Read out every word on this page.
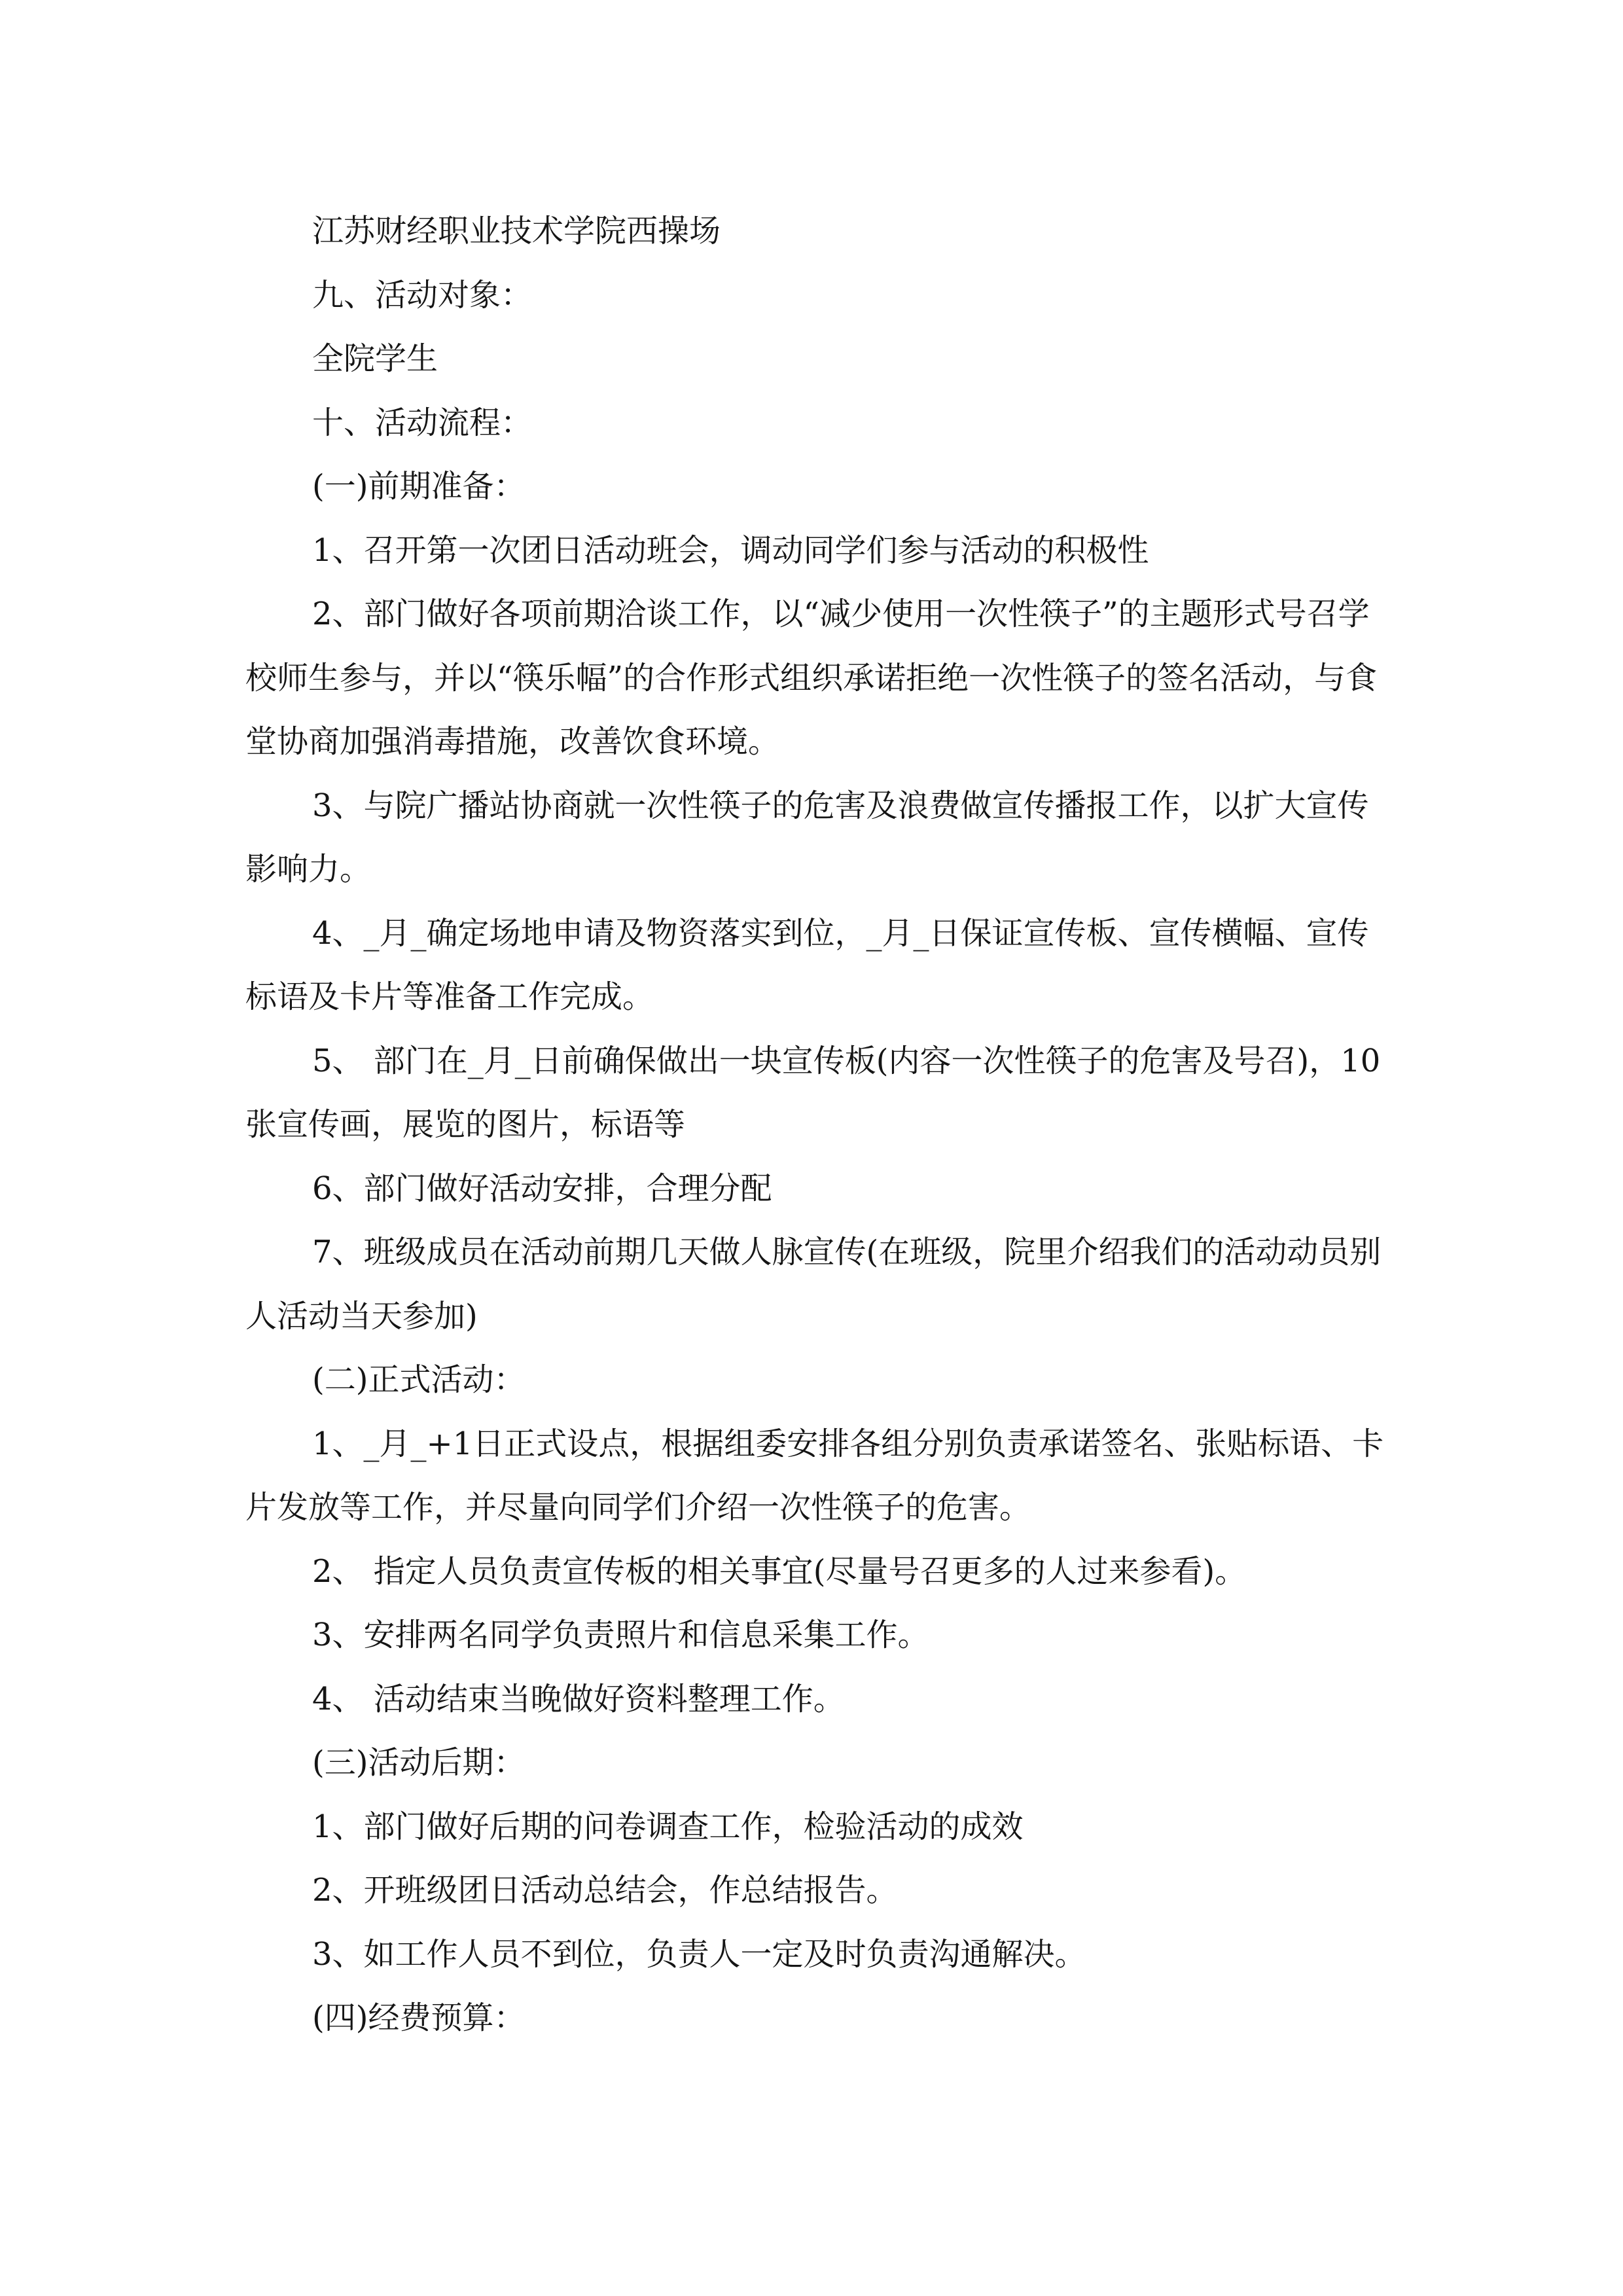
江苏财经职业技术学院西操场

九、活动对象：

全院学生

十、活动流程：

(一)前期准备：

1、召开第一次团日活动班会，调动同学们参与活动的积极性

2、部门做好各项前期洽谈工作，以“减少使用一次性筷子”的主题形式号召学校师生参与，并以“筷乐幅”的合作形式组织承诺拒绝一次性筷子的签名活动，与食堂协商加强消毒措施，改善饮食环境。

3、与院广播站协商就一次性筷子的危害及浪费做宣传播报工作，以扩大宣传影响力。

4、_月_确定场地申请及物资落实到位，_月_日保证宣传板、宣传横幅、宣传标语及卡片等准备工作完成。

5、 部门在_月_日前确保做出一块宣传板(内容一次性筷子的危害及号召)，10张宣传画，展览的图片，标语等

6、部门做好活动安排，合理分配

7、班级成员在活动前期几天做人脉宣传(在班级，院里介绍我们的活动动员别人活动当天参加)

(二)正式活动：

1、_月_+1日正式设点，根据组委安排各组分别负责承诺签名、张贴标语、卡片发放等工作，并尽量向同学们介绍一次性筷子的危害。

2、 指定人员负责宣传板的相关事宜(尽量号召更多的人过来参看)。

3、安排两名同学负责照片和信息采集工作。

4、 活动结束当晚做好资料整理工作。

(三)活动后期：

1、部门做好后期的问卷调查工作，检验活动的成效

2、开班级团日活动总结会，作总结报告。

3、如工作人员不到位，负责人一定及时负责沟通解决。

(四)经费预算：
